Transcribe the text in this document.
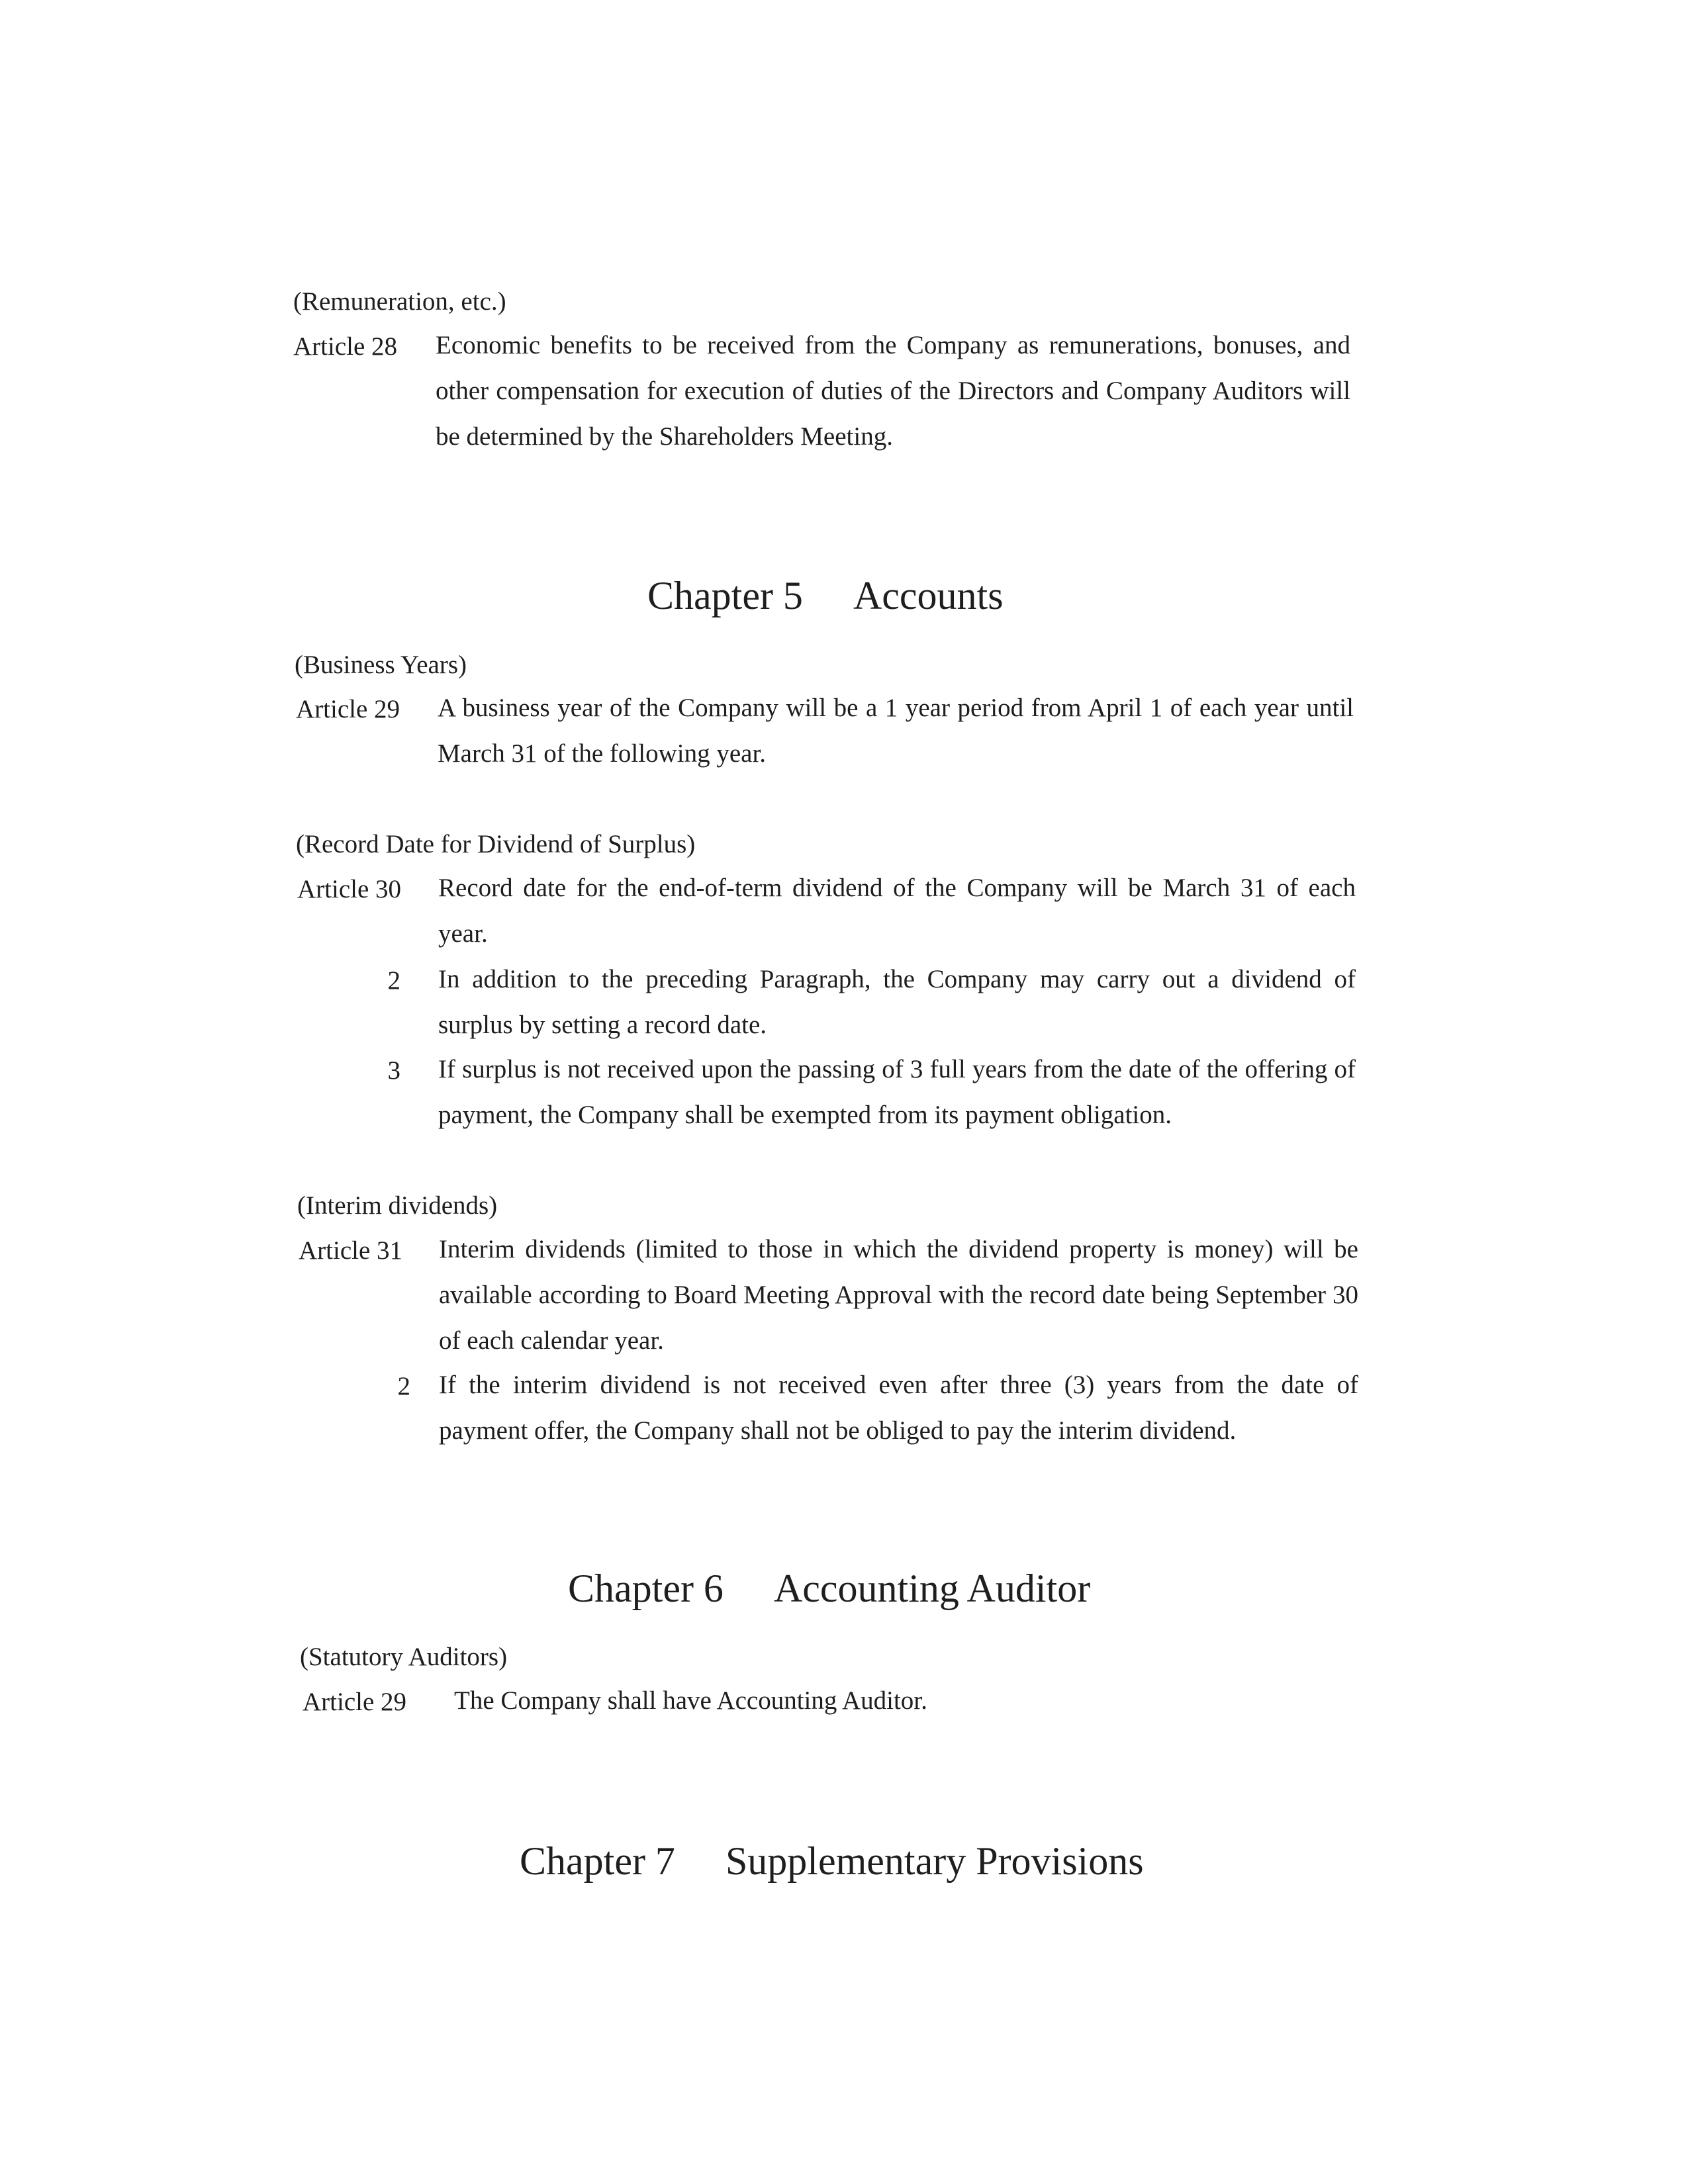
(Remuneration, etc.)
Article 28 Economic benefits to be received from the Company as remunerations, bonuses, and other compensation for execution of duties of the Directors and Company Auditors will be determined by the Shareholders Meeting.
Chapter 5 Accounts
(Business Years)
Article 29 A business year of the Company will be a 1 year period from April 1 of each year until March 31 of the following year.
(Record Date for Dividend of Surplus)
Article 30 Record date for the end-of-term dividend of the Company will be March 31 of each year.
2 In addition to the preceding Paragraph, the Company may carry out a dividend of surplus by setting a record date.
3 If surplus is not received upon the passing of 3 full years from the date of the offering of payment, the Company shall be exempted from its payment obligation.
(Interim dividends)
Article 31 Interim dividends (limited to those in which the dividend property is money) will be available according to Board Meeting Approval with the record date being September 30 of each calendar year.
2 If the interim dividend is not received even after three (3) years from the date of payment offer, the Company shall not be obliged to pay the interim dividend.
Chapter 6 Accounting Auditor
(Statutory Auditors)
Article 29 The Company shall have Accounting Auditor.
Chapter 7 Supplementary Provisions
